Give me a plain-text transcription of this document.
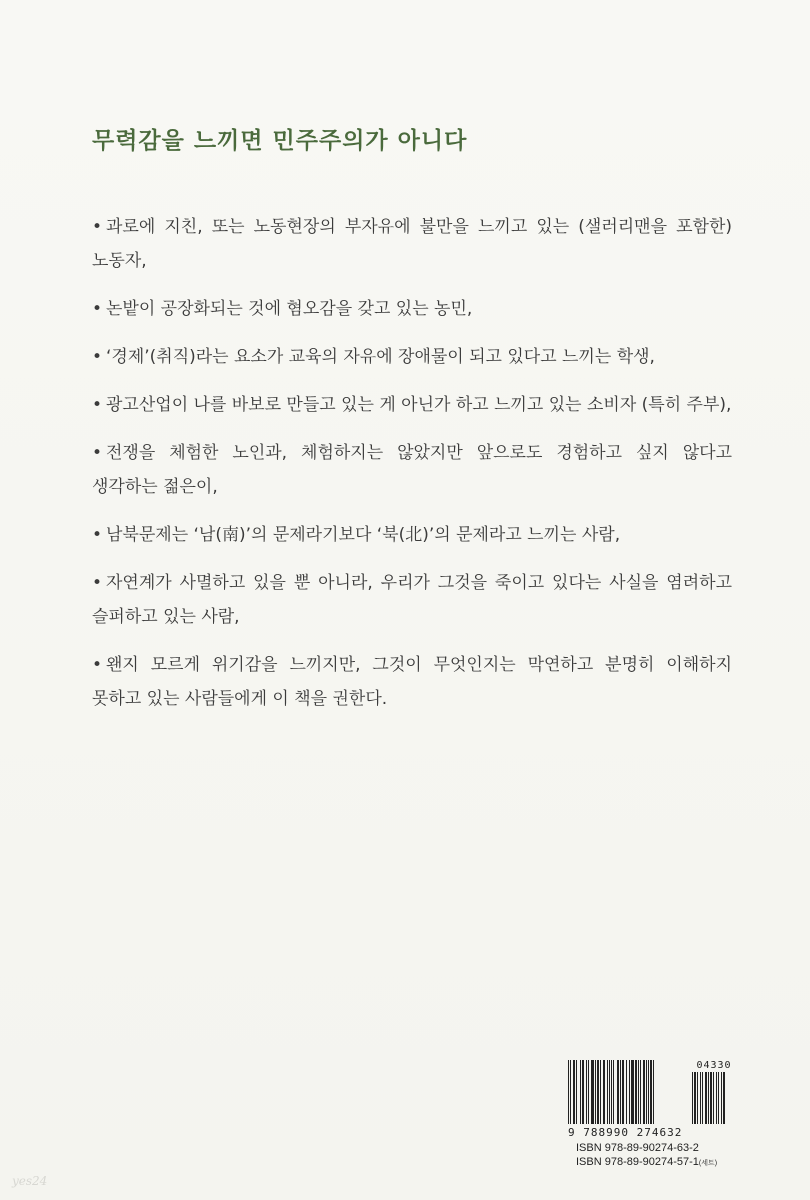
무력감을 느끼면 민주주의가 아니다

• 과로에 지친, 또는 노동현장의 부자유에 불만을 느끼고 있는 (샐러리맨을 포함한) 노동자,

• 논밭이 공장화되는 것에 혐오감을 갖고 있는 농민,

• ‘경제’(취직)라는 요소가 교육의 자유에 장애물이 되고 있다고 느끼는 학생,

• 광고산업이 나를 바보로 만들고 있는 게 아닌가 하고 느끼고 있는 소비자 (특히 주부),

• 전쟁을 체험한 노인과, 체험하지는 않았지만 앞으로도 경험하고 싶지 않다고 생각하는 젊은이,

• 남북문제는 ‘남(南)’의 문제라기보다 ‘북(北)’의 문제라고 느끼는 사람,

• 자연계가 사멸하고 있을 뿐 아니라, 우리가 그것을 죽이고 있다는 사실을 염려하고 슬퍼하고 있는 사람,

• 왠지 모르게 위기감을 느끼지만, 그것이 무엇인지는 막연하고 분명히 이해하지 못하고 있는 사람들에게 이 책을 권한다.

04330
9 788990 274632
ISBN 978-89-90274-63-2
ISBN 978-89-90274-57-1(세트)
yes24
